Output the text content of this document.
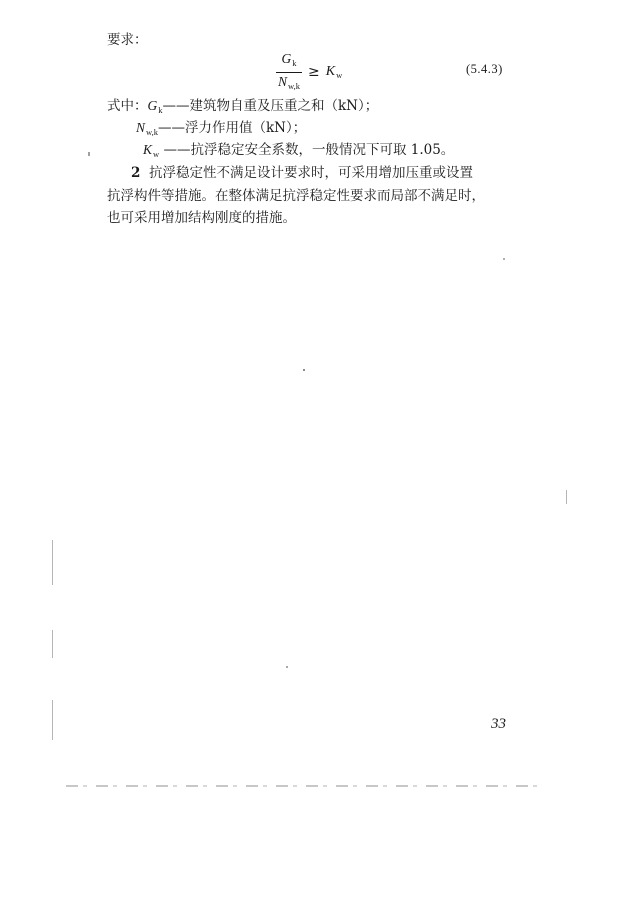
要求：
$\frac{G_k}{N_{w,k}} \ge K_w$	(5.4.3)
式中：$G_k——$建筑物自重及压重之和（kN）；
$N_{w,k}——$浮力作用值（kN）；
$K_w$ ——抗浮稳定安全系数，一般情况下可取 1.05。
2 抗浮稳定性不满足设计要求时，可采用增加压重或设置
抗浮构件等措施。在整体满足抗浮稳定性要求而局部不满足时，
也可采用增加结构刚度的措施。
33
